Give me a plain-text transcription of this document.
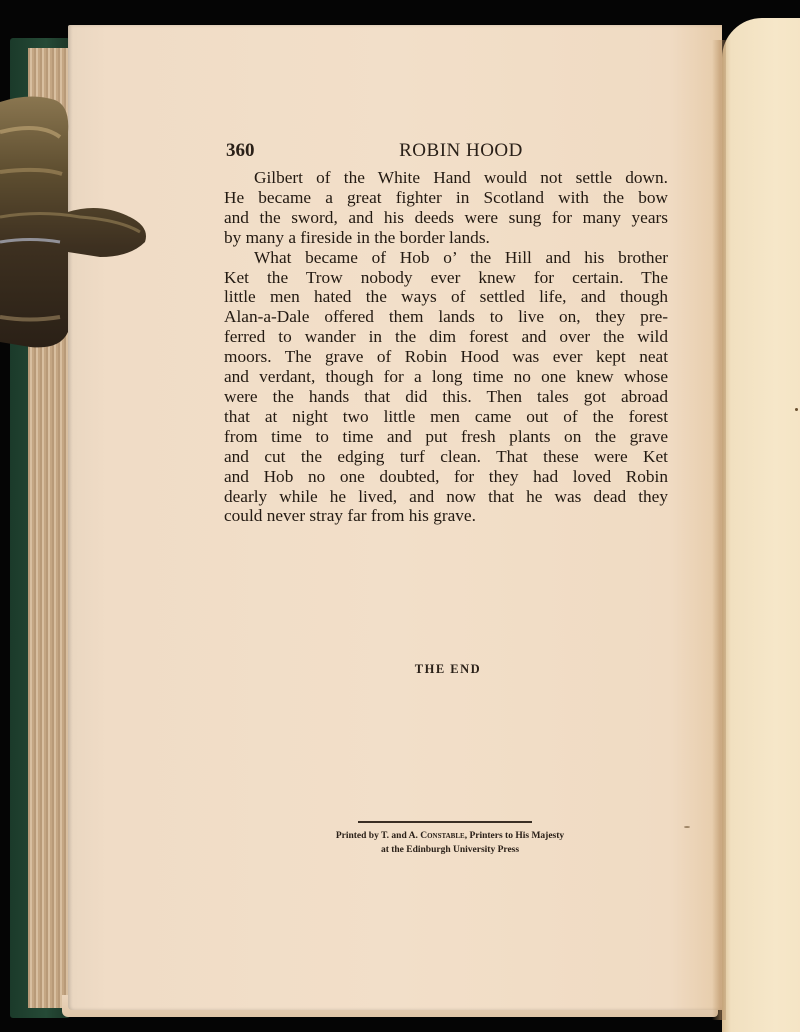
360	ROBIN HOOD
Gilbert of the White Hand would not settle down.
He became a great fighter in Scotland with the bow
and the sword, and his deeds were sung for many years
by many a fireside in the border lands.
What became of Hob o’ the Hill and his brother
Ket the Trow nobody ever knew for certain. The
little men hated the ways of settled life, and though
Alan-a-Dale offered them lands to live on, they pre-
ferred to wander in the dim forest and over the wild
moors. The grave of Robin Hood was ever kept neat
and verdant, though for a long time no one knew whose
were the hands that did this. Then tales got abroad
that at night two little men came out of the forest
from time to time and put fresh plants on the grave
and cut the edging turf clean. That these were Ket
and Hob no one doubted, for they had loved Robin
dearly while he lived, and now that he was dead they
could never stray far from his grave.
THE END
Printed by T. and A. Constable, Printers to His Majesty
at the Edinburgh University Press
